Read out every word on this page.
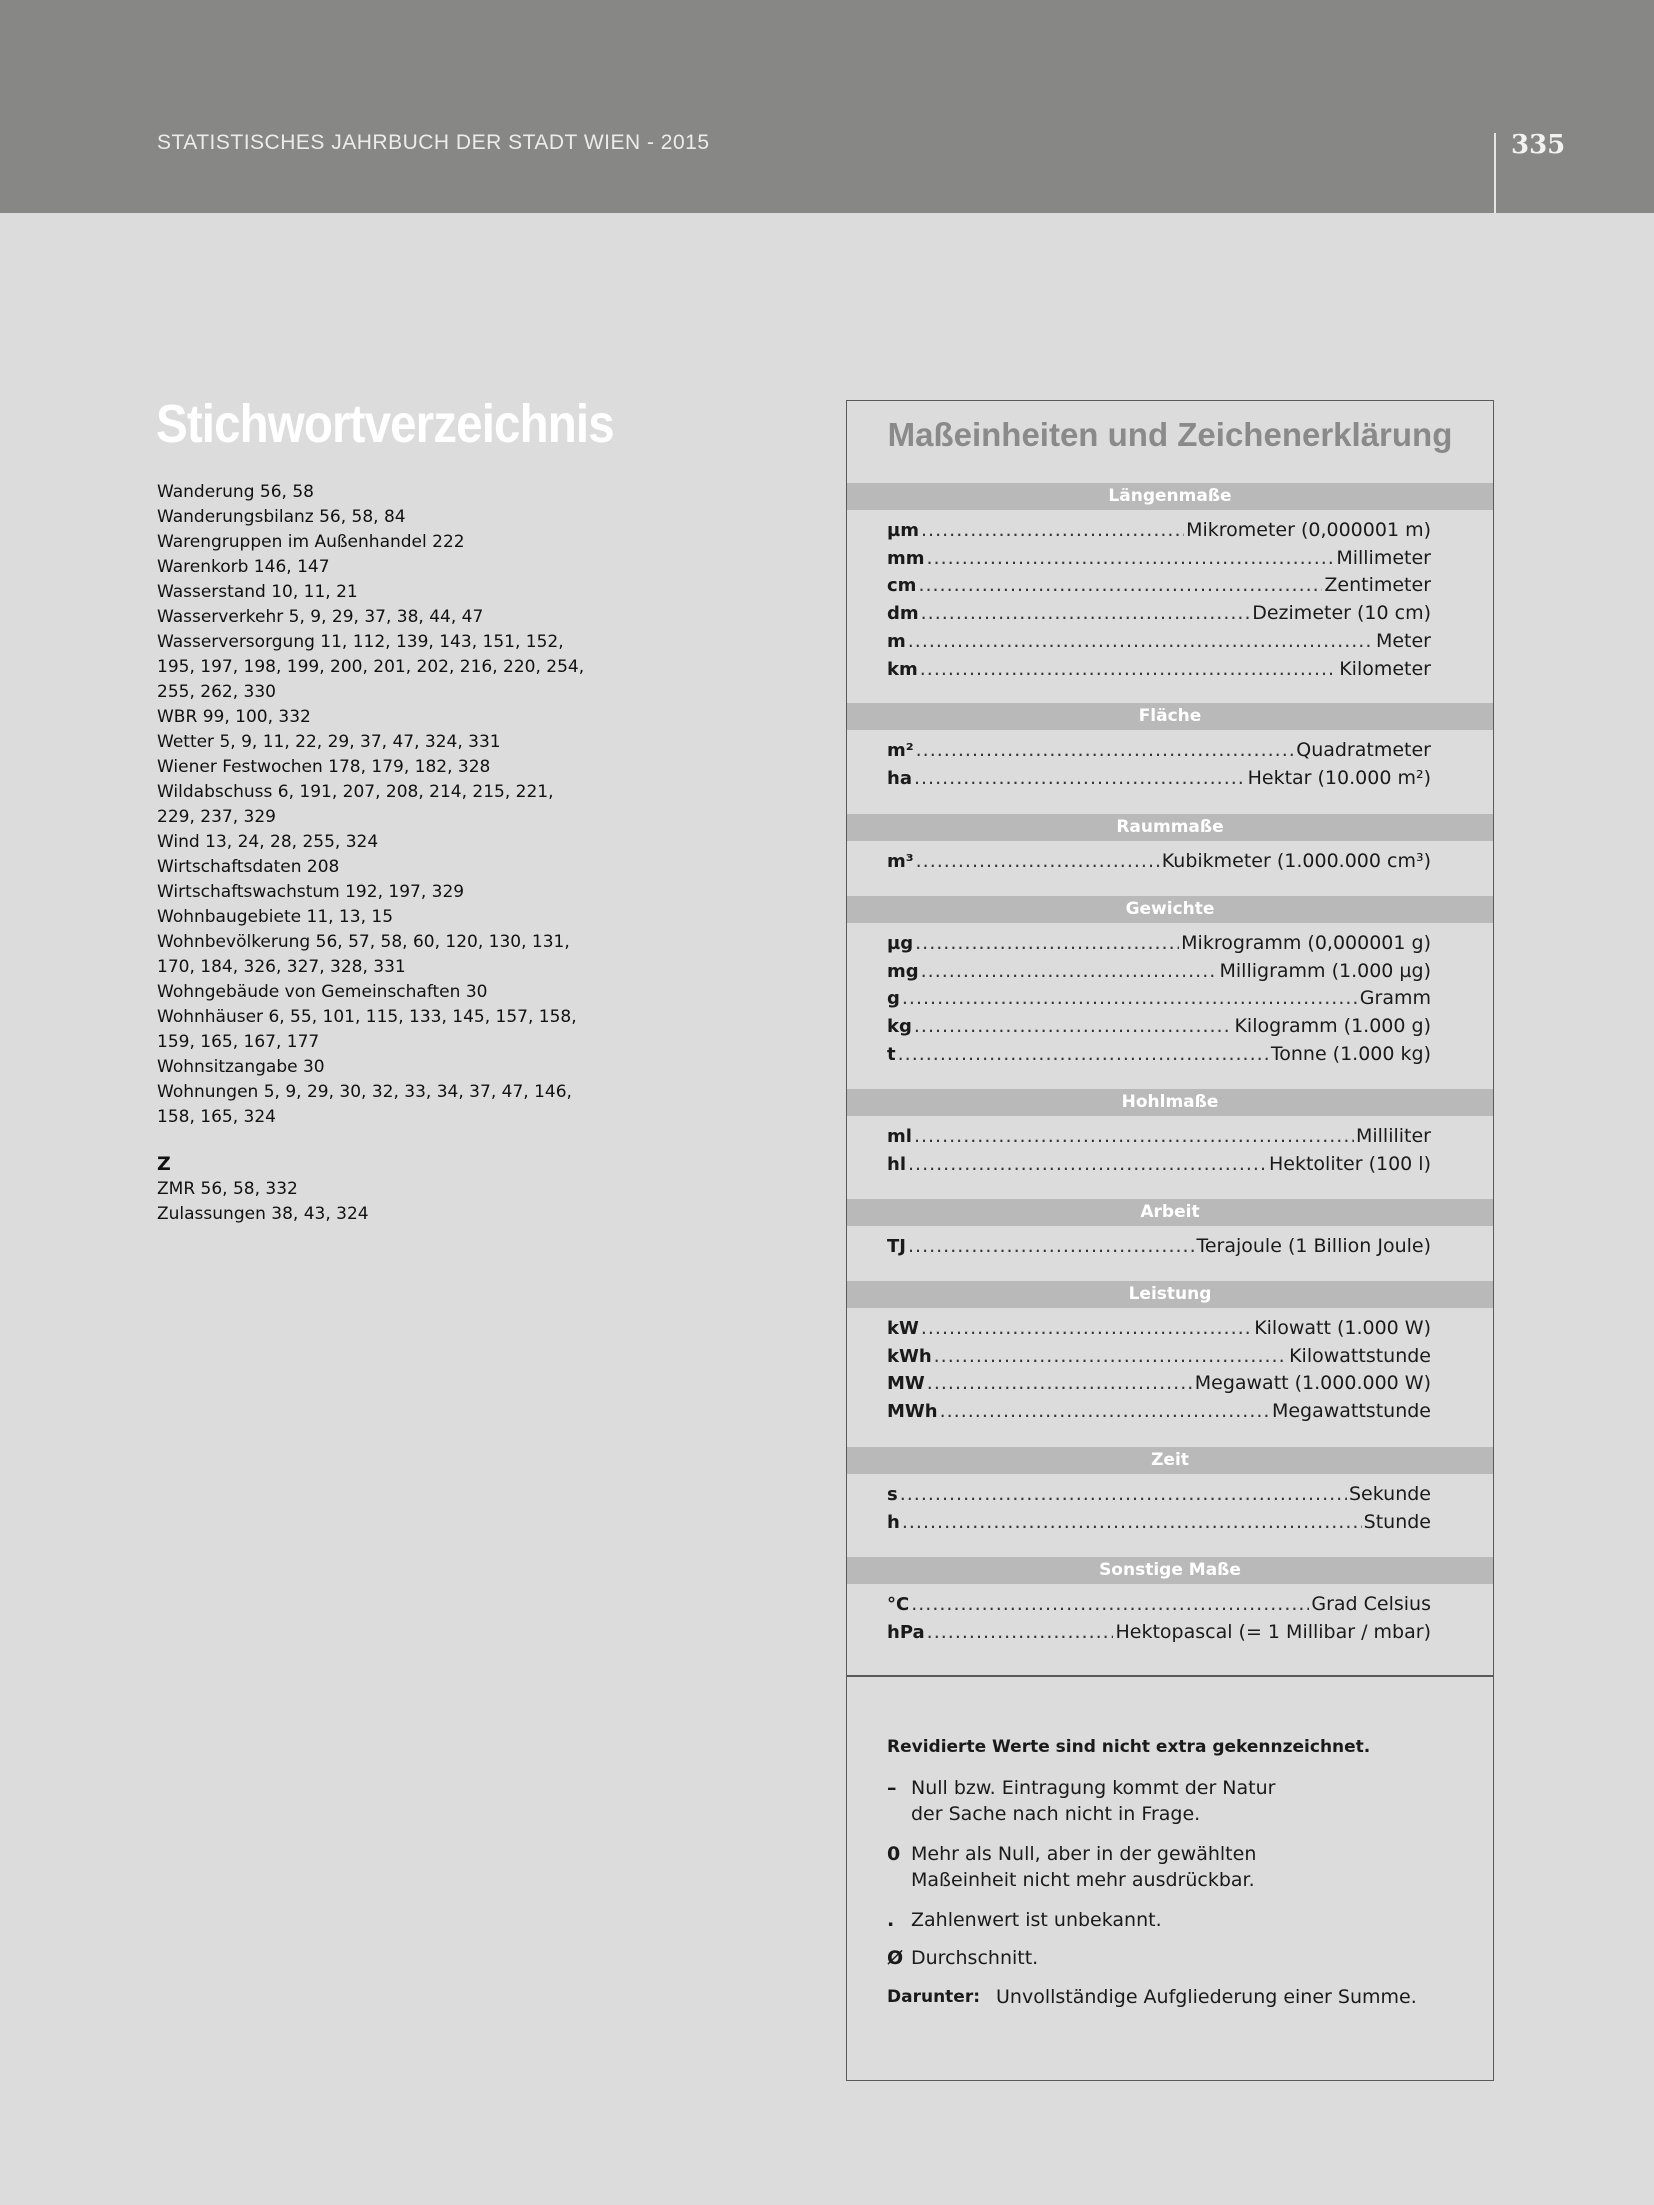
STATISTISCHES JAHRBUCH DER STADT WIEN - 2015	335
Stichwortverzeichnis
Wanderung 56, 58
Wanderungsbilanz 56, 58, 84
Warengruppen im Außenhandel 222
Warenkorb 146, 147
Wasserstand 10, 11, 21
Wasserverkehr 5, 9, 29, 37, 38, 44, 47
Wasserversorgung 11, 112, 139, 143, 151, 152,
195, 197, 198, 199, 200, 201, 202, 216, 220, 254,
255, 262, 330
WBR 99, 100, 332
Wetter 5, 9, 11, 22, 29, 37, 47, 324, 331
Wiener Festwochen 178, 179, 182, 328
Wildabschuss 6, 191, 207, 208, 214, 215, 221,
229, 237, 329
Wind 13, 24, 28, 255, 324
Wirtschaftsdaten 208
Wirtschaftswachstum 192, 197, 329
Wohnbaugebiete 11, 13, 15
Wohnbevölkerung 56, 57, 58, 60, 120, 130, 131,
170, 184, 326, 327, 328, 331
Wohngebäude von Gemeinschaften 30
Wohnhäuser 6, 55, 101, 115, 133, 145, 157, 158,
159, 165, 167, 177
Wohnsitzangabe 30
Wohnungen 5, 9, 29, 30, 32, 33, 34, 37, 47, 146,
158, 165, 324
Z
ZMR 56, 58, 332
Zulassungen 38, 43, 324
Maßeinheiten und Zeichenerklärung
Revidierte Werte sind nicht extra gekennzeichnet.
Längenmaße
µm .....	Mikrometer (0,000001 m)
mm .....	Millimeter
cm .....	Zentimeter
dm .....	Dezimeter (10 cm)
m .....	Meter
km .....	Kilometer
Fläche
m² .....	Quadratmeter
ha .....	Hektar (10.000 m²)
Raummaße
m³ .....	Kubikmeter (1.000.000 cm³)
Gewichte
µg .....	Mikrogramm (0,000001 g)
mg .....	Milligramm (1.000 µg)
g .....	Gramm
kg .....	Kilogramm (1.000 g)
t .....	Tonne (1.000 kg)
Hohlmaße
ml .....	Milliliter
hl .....	Hektoliter (100 l)
Arbeit
TJ .....	Terajoule (1 Billion Joule)
Leistung
kW .....	Kilowatt (1.000 W)
kWh .....	Kilowattstunde
MW .....	Megawatt (1.000.000 W)
MWh .....	Megawattstunde
Zeit
s .....	Sekunde
h .....	Stunde
Sonstige Maße
°C .....	Grad Celsius
hPa .....	Hektopascal (= 1 Millibar / mbar)
– Null bzw. Eintragung kommt der Natur
der Sache nach nicht in Frage.
0 Mehr als Null, aber in der gewählten
Maßeinheit nicht mehr ausdrückbar.
. Zahlenwert ist unbekannt.
Ø Durchschnitt.
Darunter: Unvollständige Aufgliederung einer Summe.
